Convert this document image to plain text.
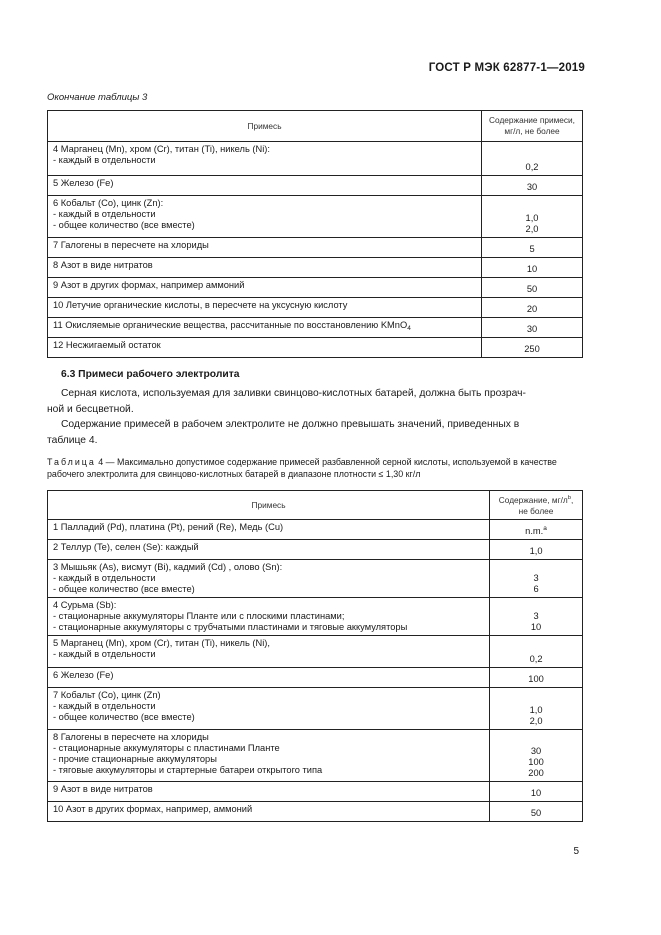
ГОСТ Р МЭК 62877-1—2019
Окончание таблицы 3
Примесь	Содержание примеси,
мг/л, не более

4 Марганец (Mn), хром (Cr), титан (Ti), никель (Ni):
- каждый в отдельности	0,2

5 Железо (Fe)	30

6 Кобальт (Co), цинк (Zn):
- каждый в отдельности
- общее количество (все вместе)	1,0
2,0

7 Галогены в пересчете на хлориды	5

8 Азот в виде нитратов	10

9 Азот в других формах, например аммоний	50

10 Летучие органические кислоты, в пересчете на уксусную кислоту	20

11 Окисляемые органические вещества, рассчитанные по восстановлению KMnO$_4$	30

12 Несжигаемый остаток	250
6.3 Примеси рабочего электролита
Серная кислота, используемая для заливки свинцово-кислотных батарей, должна быть прозрач-
ной и бесцветной.
Содержание примесей в рабочем электролите не должно превышать значений, приведенных в
таблице 4.
Таблица 4 — Максимально допустимое содержание примесей разбавленной серной кислоты, используемой в качестве рабочего электролита для свинцово-кислотных батарей в диапазоне плотности ≤ 1,30 кг/л
Примесь	Содержание, $мг/л^b$,
не более

1 Палладий (Pd), платина (Pt), рений (Re), Медь (Cu)	n.m.$^a$

2 Теллур (Te), селен (Se): каждый	1,0

3 Мышьяк (As), висмут (Bi), кадмий (Cd) , олово (Sn):
- каждый в отдельности
- общее количество (все вместе)	3
6

4 Сурьма (Sb):
- стационарные аккумуляторы Планте или с плоскими пластинами;
- стационарные аккумуляторы с трубчатыми пластинами и тяговые аккумуляторы	3
10

5 Марганец (Mn), хром (Cr), титан (Ti), никель (Ni),
- каждый в отдельности	0,2

6 Железо (Fe)	100

7 Кобальт (Co), цинк (Zn)
- каждый в отдельности
- общее количество (все вместе)	1,0
2,0

8 Галогены в пересчете на хлориды
- стационарные аккумуляторы с пластинами Планте
- прочие стационарные аккумуляторы
- тяговые аккумуляторы и стартерные батареи открытого типа	30
100
200

9 Азот в виде нитратов	10

10 Азот в других формах, например, аммоний	50
5
